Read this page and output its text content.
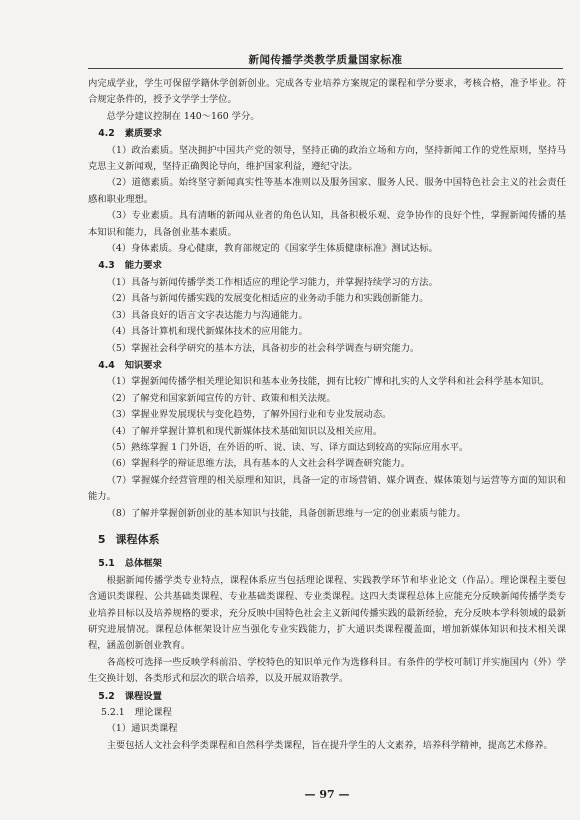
新闻传播学类教学质量国家标准

内完成学业，学生可保留学籍休学创新创业。完成各专业培养方案规定的课程和学分要求，考核合格，准予毕业。符合规定条件的，授予文学学士学位。

总学分建议控制在 140～160 学分。

4.2 素质要求

（1）政治素质。坚决拥护中国共产党的领导，坚持正确的政治立场和方向，坚持新闻工作的党性原则，坚持马克思主义新闻观，坚持正确舆论导向，维护国家利益，遵纪守法。

（2）道德素质。始终坚守新闻真实性等基本准则以及服务国家、服务人民、服务中国特色社会主义的社会责任感和职业理想。

（3）专业素质。具有清晰的新闻从业者的角色认知，具备积极乐观、竞争协作的良好个性，掌握新闻传播的基本知识和能力，具备创业基本素质。

（4）身体素质。身心健康，教育部规定的《国家学生体质健康标准》测试达标。

4.3 能力要求

（1）具备与新闻传播学类工作相适应的理论学习能力，并掌握持续学习的方法。

（2）具备与新闻传播实践的发展变化相适应的业务动手能力和实践创新能力。

（3）具备良好的语言文字表达能力与沟通能力。

（4）具备计算机和现代新媒体技术的应用能力。

（5）掌握社会科学研究的基本方法，具备初步的社会科学调查与研究能力。

4.4 知识要求

（1）掌握新闻传播学相关理论知识和基本业务技能，拥有比较广博和扎实的人文学科和社会科学基本知识。

（2）了解党和国家新闻宣传的方针、政策和相关法规。

（3）掌握业界发展现状与变化趋势，了解外国行业和专业发展动态。

（4）了解并掌握计算机和现代新媒体技术基础知识以及相关应用。

（5）熟练掌握 1 门外语，在外语的听、说、读、写、译方面达到较高的实际应用水平。

（6）掌握科学的辩证思维方法，具有基本的人文社会科学调查研究能力。

（7）掌握媒介经营管理的相关原理和知识，具备一定的市场营销、媒介调查、媒体策划与运营等方面的知识和能力。

（8）了解并掌握创新创业的基本知识与技能，具备创新思维与一定的创业素质与能力。

5 课程体系
5.1 总体框架

根据新闻传播学类专业特点，课程体系应当包括理论课程、实践教学环节和毕业论文（作品）。理论课程主要包含通识类课程、公共基础类课程、专业基础类课程、专业类课程。这四大类课程总体上应能充分反映新闻传播学类专业培养目标以及培养规格的要求，充分反映中国特色社会主义新闻传播实践的最新经验，充分反映本学科领域的最新研究进展情况。课程总体框架设计应当强化专业实践能力，扩大通识类课程覆盖面，增加新媒体知识和技术相关课程，涵盖创新创业教育。

各高校可选择一些反映学科前沿、学校特色的知识单元作为选修科目。有条件的学校可制订并实施国内（外）学生交换计划、各类形式和层次的联合培养，以及开展双语教学。

5.2 课程设置
5.2.1 理论课程

（1）通识类课程

主要包括人文社会科学类课程和自然科学类课程，旨在提升学生的人文素养，培养科学精神，提高艺术修养。

— 97 —
